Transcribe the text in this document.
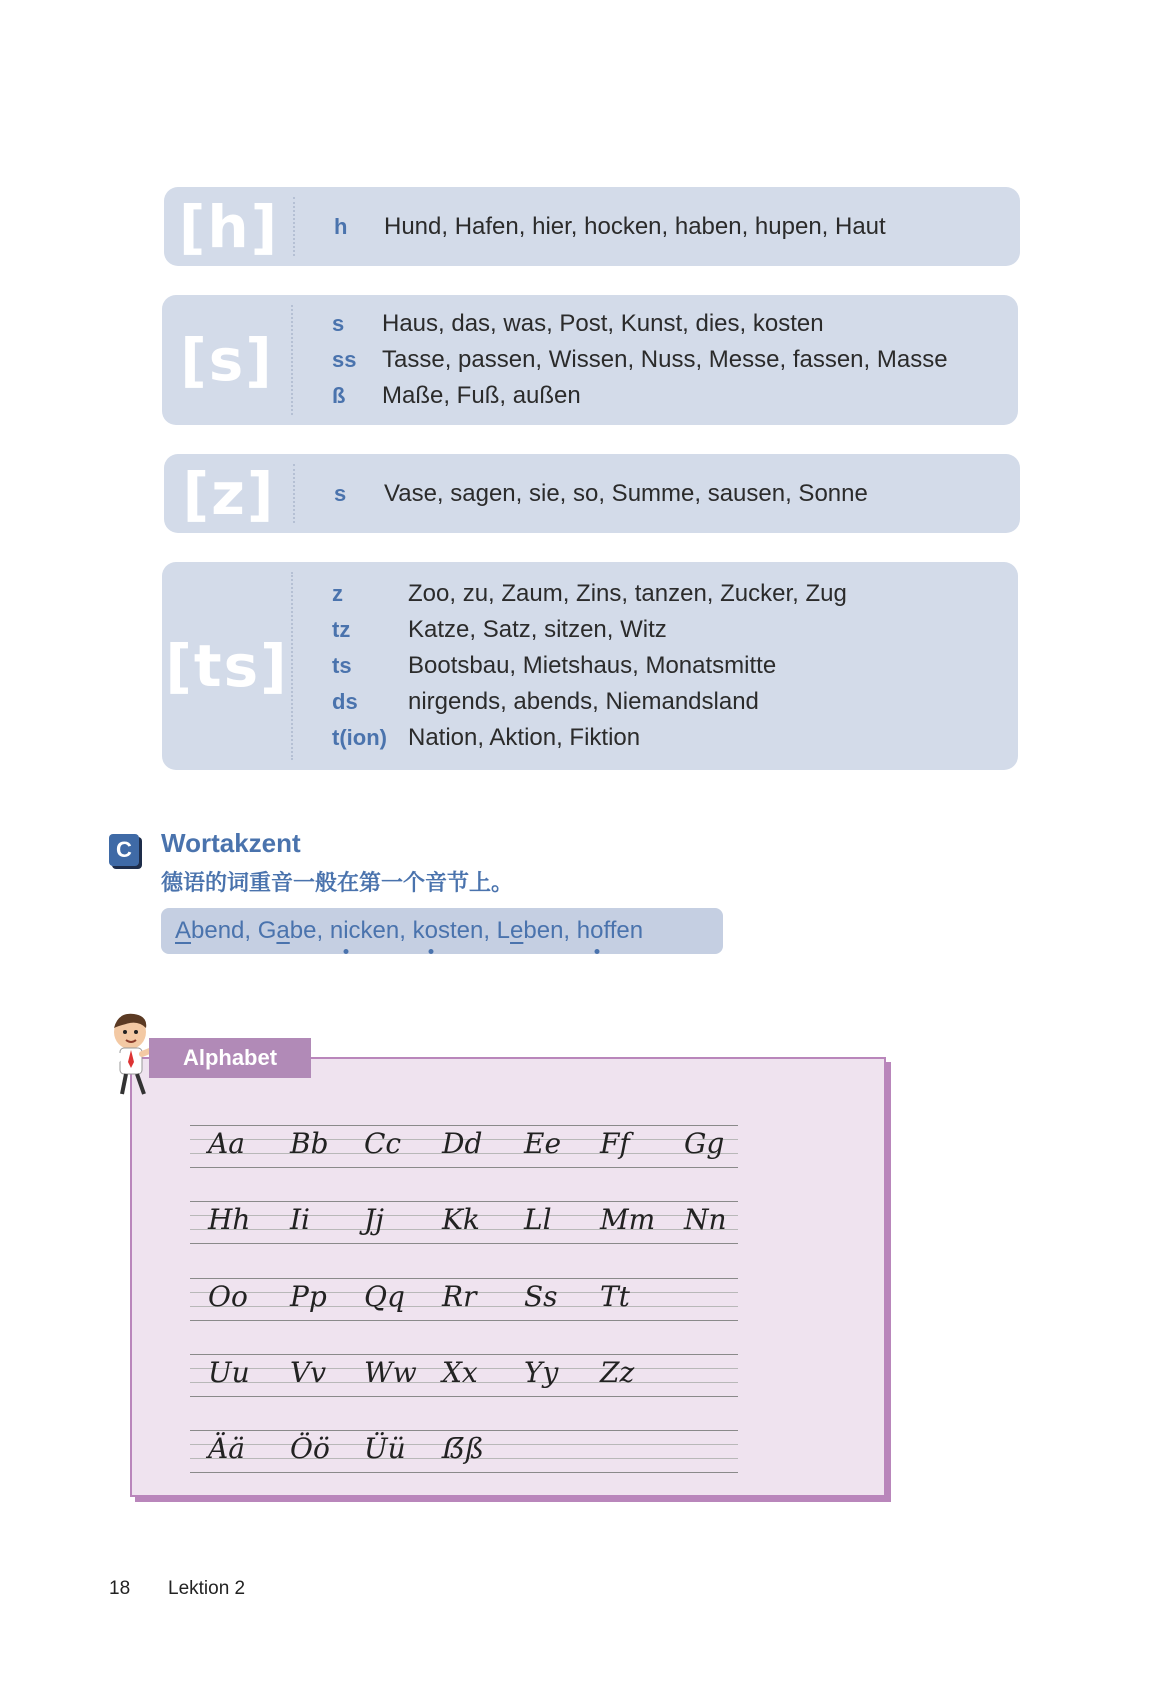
[h]	h	Hund, Hafen, hier, hocken, haben, hupen, Haut
[s]
s	Haus, das, was, Post, Kunst, dies, kosten
ss	Tasse, passen, Wissen, Nuss, Messe, fassen, Masse
ß	Maße, Fuß, außen
[z]	s	Vase, sagen, sie, so, Summe, sausen, Sonne
[ts]
z	Zoo, zu, Zaum, Zins, tanzen, Zucker, Zug
tz	Katze, Satz, sitzen, Witz
ts	Bootsbau, Mietshaus, Monatsmitte
ds	nirgends, abends, Niemandsland
t(ion) Nation, Aktion, Fiktion
C Wortakzent
德语的词重音一般在第一个音节上。
Abend, Gabe, nicken, kosten, Leben, hoffen
Alphabet
Aa Bb Cc Dd Ee Ff Gg
Hh Ii Jj Kk Ll Mm Nn
Oo Pp Qq Rr Ss Tt
Uu Vv Ww Xx Yy Zz
Ää Öö Üü ẞß
18 Lektion 2
